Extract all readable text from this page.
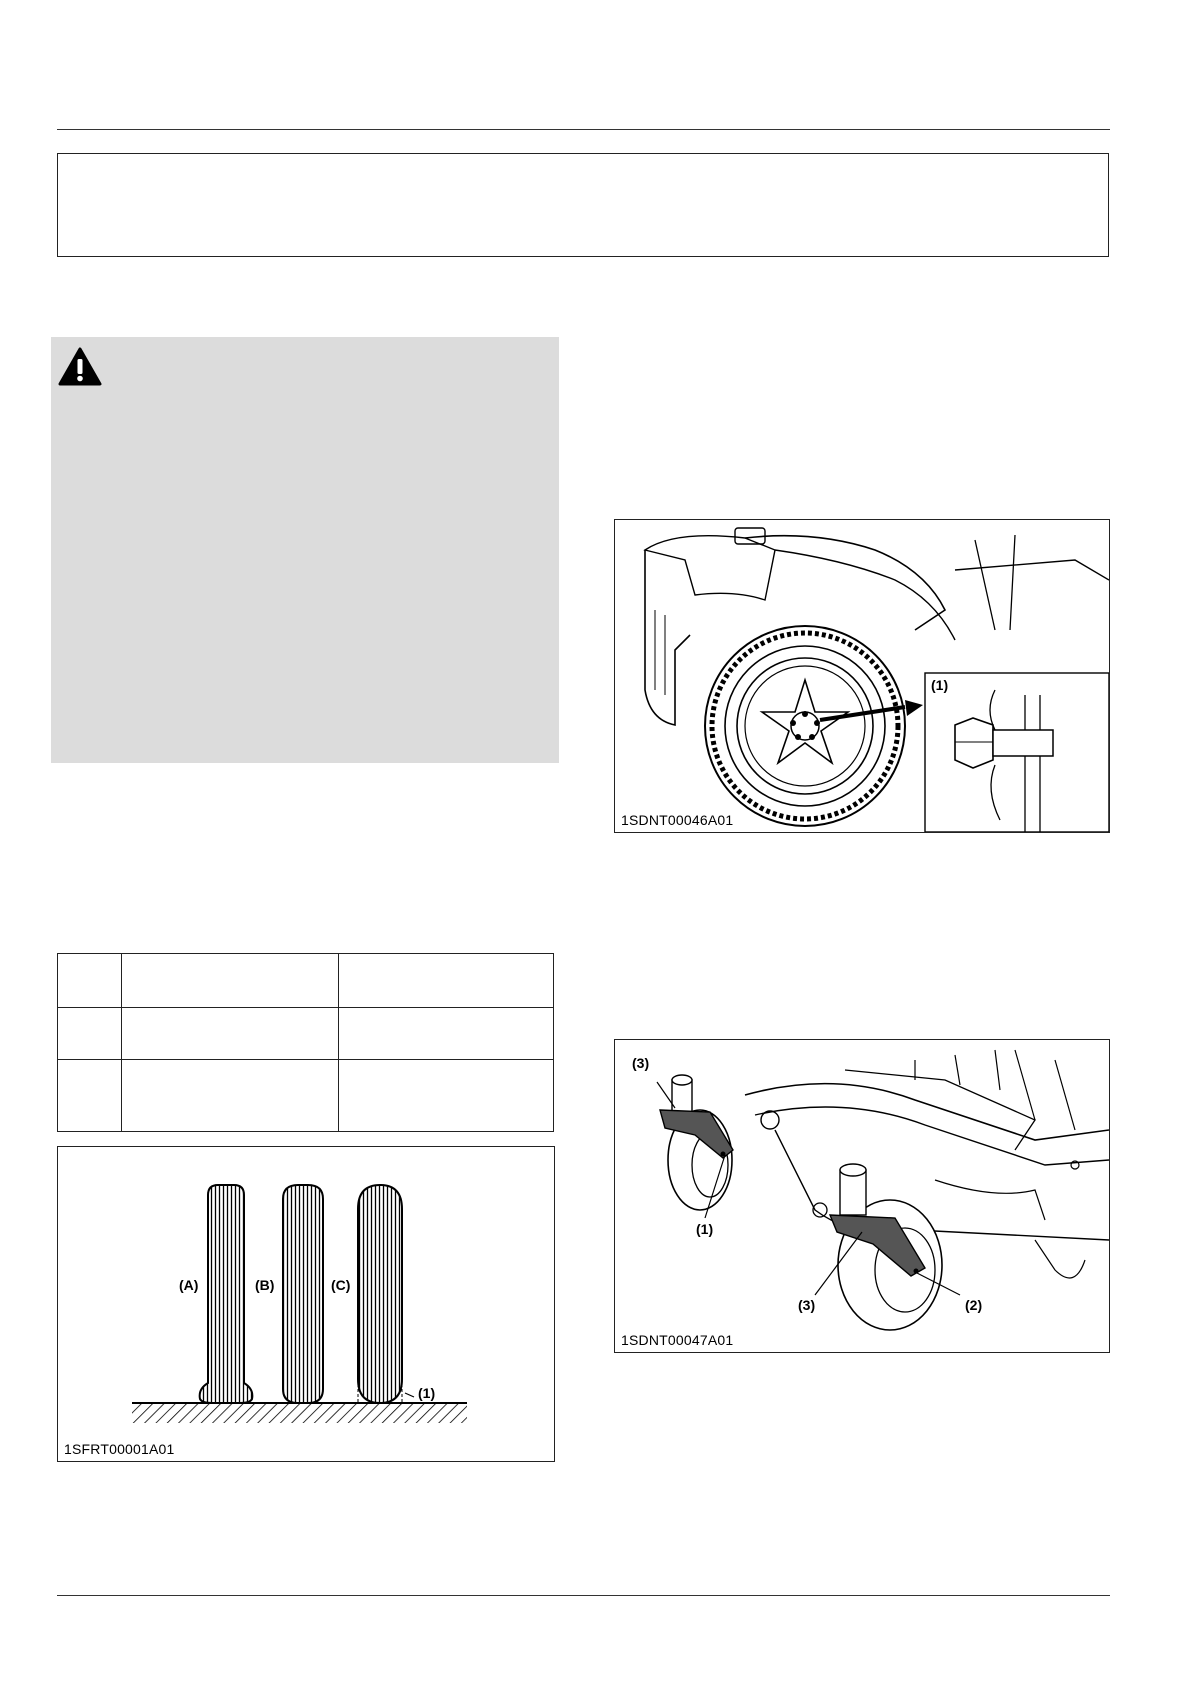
(A)	(B)	(C)
(1)
1SFRT00001A01
(1)
1SDNT00046A01
(3)
(1)
(3)	(2)
1SDNT00047A01
